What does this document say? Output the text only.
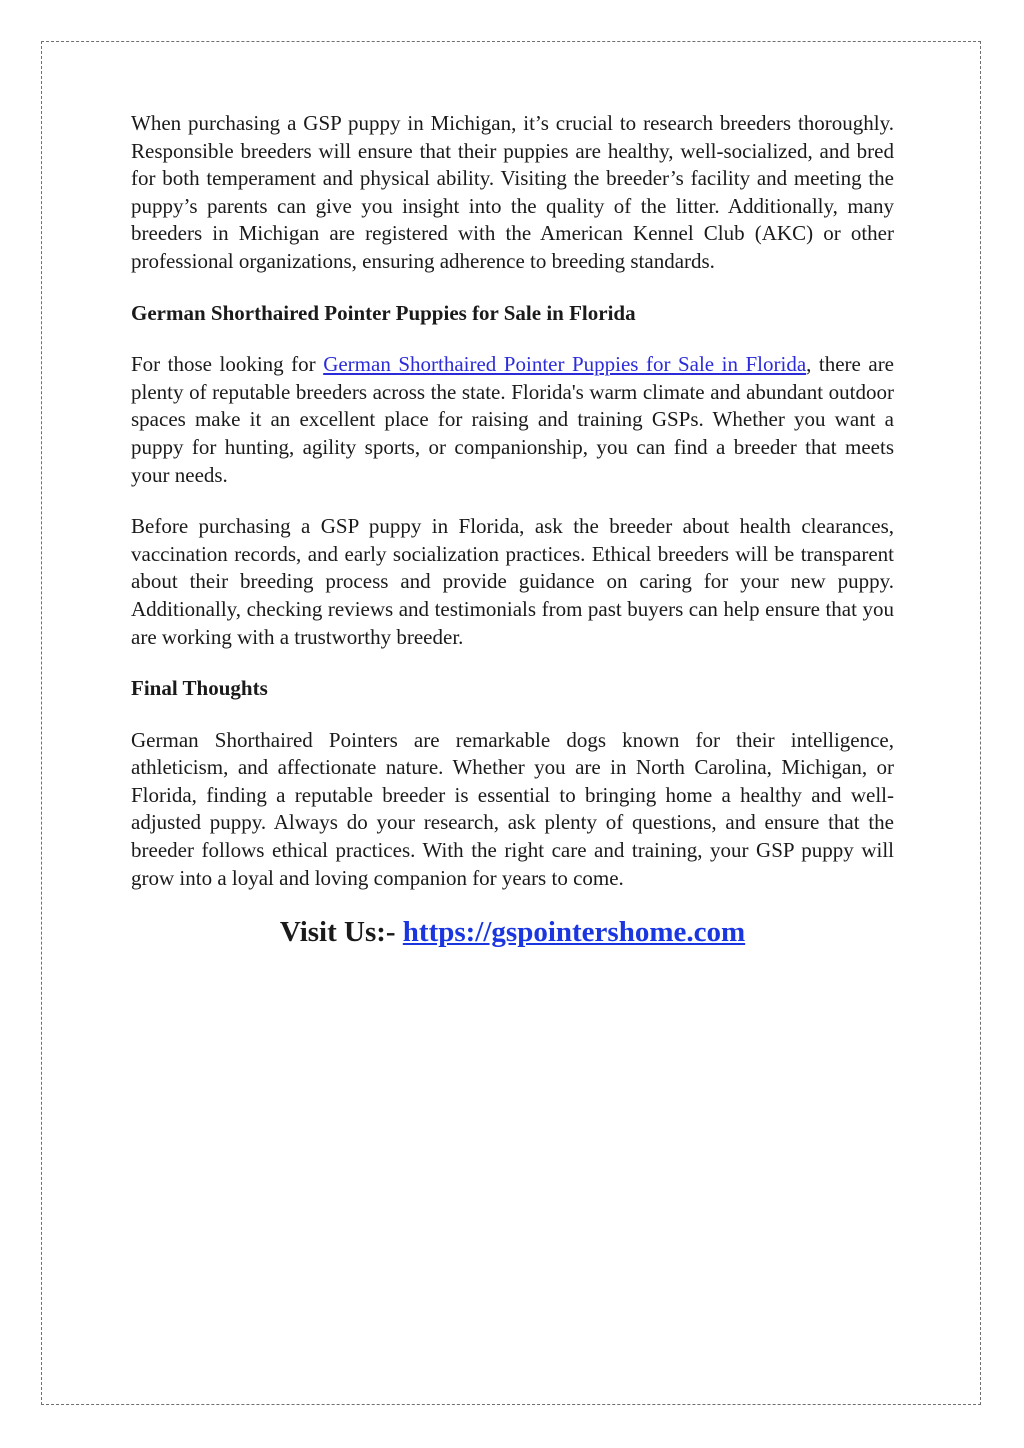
When purchasing a GSP puppy in Michigan, it’s crucial to research breeders thoroughly. Responsible breeders will ensure that their puppies are healthy, well-socialized, and bred for both temperament and physical ability. Visiting the breeder’s facility and meeting the puppy’s parents can give you insight into the quality of the litter. Additionally, many breeders in Michigan are registered with the American Kennel Club (AKC) or other professional organizations, ensuring adherence to breeding standards.

German Shorthaired Pointer Puppies for Sale in Florida

For those looking for German Shorthaired Pointer Puppies for Sale in Florida, there are plenty of reputable breeders across the state. Florida's warm climate and abundant outdoor spaces make it an excellent place for raising and training GSPs. Whether you want a puppy for hunting, agility sports, or companionship, you can find a breeder that meets your needs.

Before purchasing a GSP puppy in Florida, ask the breeder about health clearances, vaccination records, and early socialization practices. Ethical breeders will be transparent about their breeding process and provide guidance on caring for your new puppy. Additionally, checking reviews and testimonials from past buyers can help ensure that you are working with a trustworthy breeder.

Final Thoughts

German Shorthaired Pointers are remarkable dogs known for their intelligence, athleticism, and affectionate nature. Whether you are in North Carolina, Michigan, or Florida, finding a reputable breeder is essential to bringing home a healthy and well-adjusted puppy. Always do your research, ask plenty of questions, and ensure that the breeder follows ethical practices. With the right care and training, your GSP puppy will grow into a loyal and loving companion for years to come.

Visit Us:- https://gspointershome.com
